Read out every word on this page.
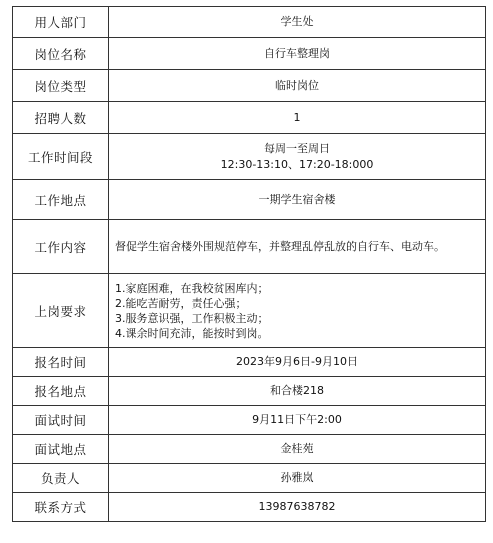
用人部门	学生处
岗位名称	自行车整理岗
岗位类型	临时岗位
招聘人数	1
工作时间段	每周一至周日
12:30-13:10、17:20-18:000

工作地点	一期学生宿舍楼
工作内容	督促学生宿舍楼外围规范停车，并整理乱停乱放的自行车、电动车。
上岗要求	1.家庭困难，在我校贫困库内；
2.能吃苦耐劳，责任心强；
3.服务意识强，工作积极主动；
4.课余时间充沛，能按时到岗。

报名时间	2023年9月6日-9月10日
报名地点	和合楼218
面试时间	9月11日下午2:00
面试地点	金桂苑
负责人	孙雅岚
联系方式	13987638782
